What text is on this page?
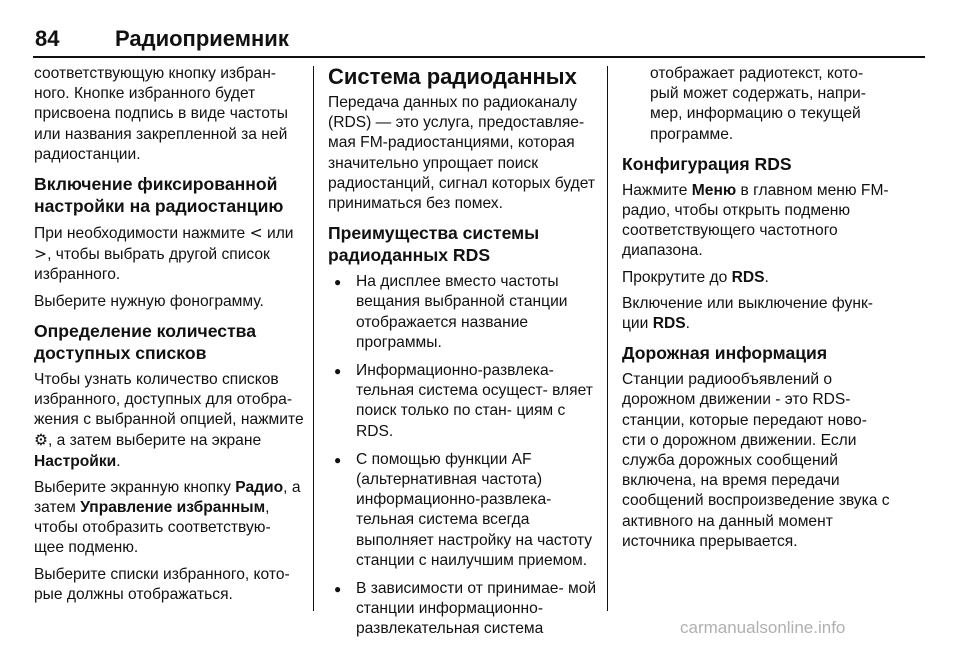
84	Радиоприемник

соответствующую кнопку избран- ного. Кнопке избранного будет присвоена подпись в виде частоты или названия закрепленной за ней радиостанции.

Включение фиксированной настройки на радиостанцию

При необходимости нажмите < или >, чтобы выбрать другой список избранного.

Выберите нужную фонограмму.

Определение количества доступных списков

Чтобы узнать количество списков избранного, доступных для отобра- жения с выбранной опцией, нажмите ⚙, а затем выберите на экране Настройки.

Выберите экранную кнопку Радио, а затем Управление избранным, чтобы отобразить соответствую- щее подменю.

Выберите списки избранного, кото- рые должны отображаться.

Система радиоданных

Передача данных по радиоканалу (RDS) — это услуга, предоставляе- мая FM-радиостанциями, которая значительно упрощает поиск радиостанций, сигнал которых будет приниматься без помех.

Преимущества системы радиоданных RDS
● На дисплее вместо частоты вещания выбранной станции отображается название программы.
● Информационно-развлека- тельная система осущест- вляет поиск только по стан- циям с RDS.
● С помощью функции AF (альтернативная частота) информационно-развлека- тельная система всегда выполняет настройку на частоту станции с наилучшим приемом.
● В зависимости от принимае- мой станции информационно- развлекательная система

отображает радиотекст, кото- рый может содержать, напри- мер, информацию о текущей программе.

Конфигурация RDS

Нажмите Меню в главном меню FM-радио, чтобы открыть подменю соответствующего частотного диапазона.

Прокрутите до RDS.

Включение или выключение функ- ции RDS.

Дорожная информация

Станции радиообъявлений о дорожном движении - это RDS- станции, которые передают ново- сти о дорожном движении. Если служба дорожных сообщений включена, на время передачи сообщений воспроизведение звука с активного на данный момент источника прерывается.

carmanualsonline.info
